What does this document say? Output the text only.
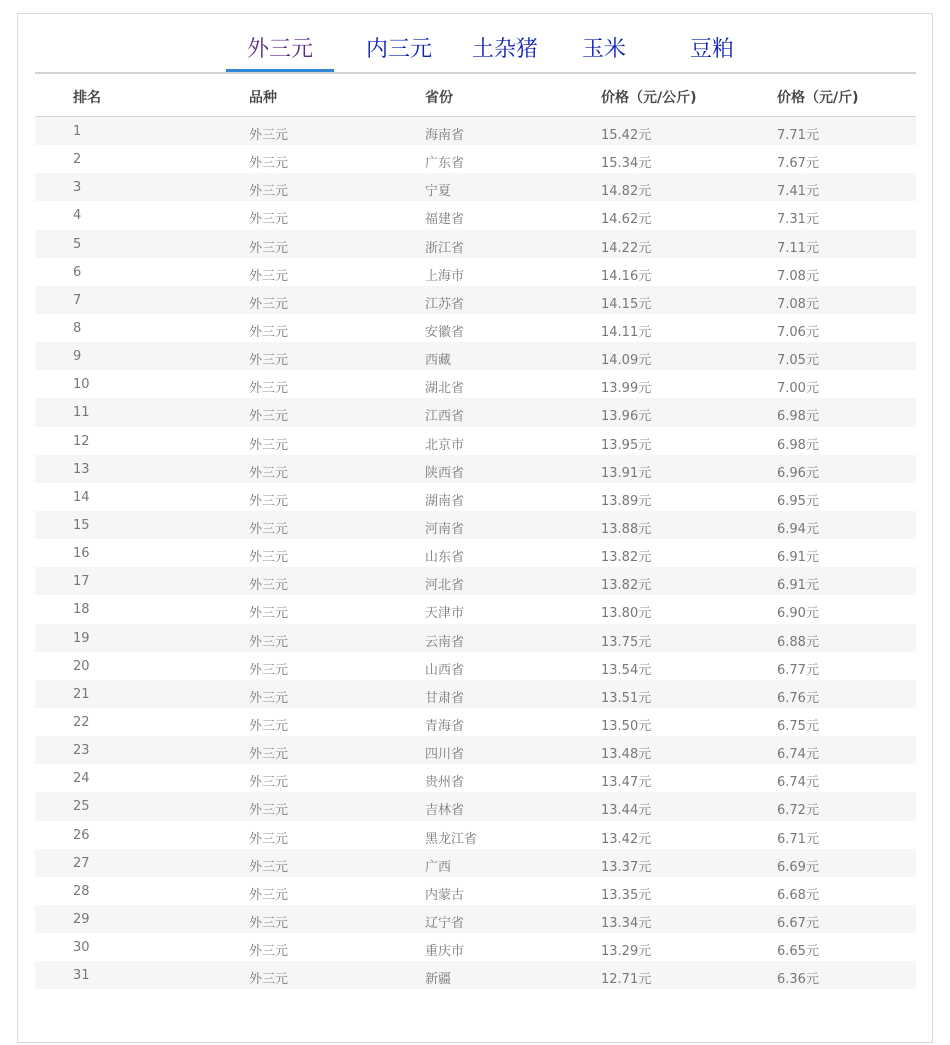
外三元	内三元	土杂猪	玉米	豆粕
排名	品种	省份	价格（元/公斤)	价格（元/斤)
1	外三元	海南省	15.42元	7.71元
2	外三元	广东省	15.34元	7.67元
3	外三元	宁夏	14.82元	7.41元
4	外三元	福建省	14.62元	7.31元
5	外三元	浙江省	14.22元	7.11元
6	外三元	上海市	14.16元	7.08元
7	外三元	江苏省	14.15元	7.08元
8	外三元	安徽省	14.11元	7.06元
9	外三元	西藏	14.09元	7.05元
10	外三元	湖北省	13.99元	7.00元
11	外三元	江西省	13.96元	6.98元
12	外三元	北京市	13.95元	6.98元
13	外三元	陕西省	13.91元	6.96元
14	外三元	湖南省	13.89元	6.95元
15	外三元	河南省	13.88元	6.94元
16	外三元	山东省	13.82元	6.91元
17	外三元	河北省	13.82元	6.91元
18	外三元	天津市	13.80元	6.90元
19	外三元	云南省	13.75元	6.88元
20	外三元	山西省	13.54元	6.77元
21	外三元	甘肃省	13.51元	6.76元
22	外三元	青海省	13.50元	6.75元
23	外三元	四川省	13.48元	6.74元
24	外三元	贵州省	13.47元	6.74元
25	外三元	吉林省	13.44元	6.72元
26	外三元	黑龙江省	13.42元	6.71元
27	外三元	广西	13.37元	6.69元
28	外三元	内蒙古	13.35元	6.68元
29	外三元	辽宁省	13.34元	6.67元
30	外三元	重庆市	13.29元	6.65元
31	外三元	新疆	12.71元	6.36元
